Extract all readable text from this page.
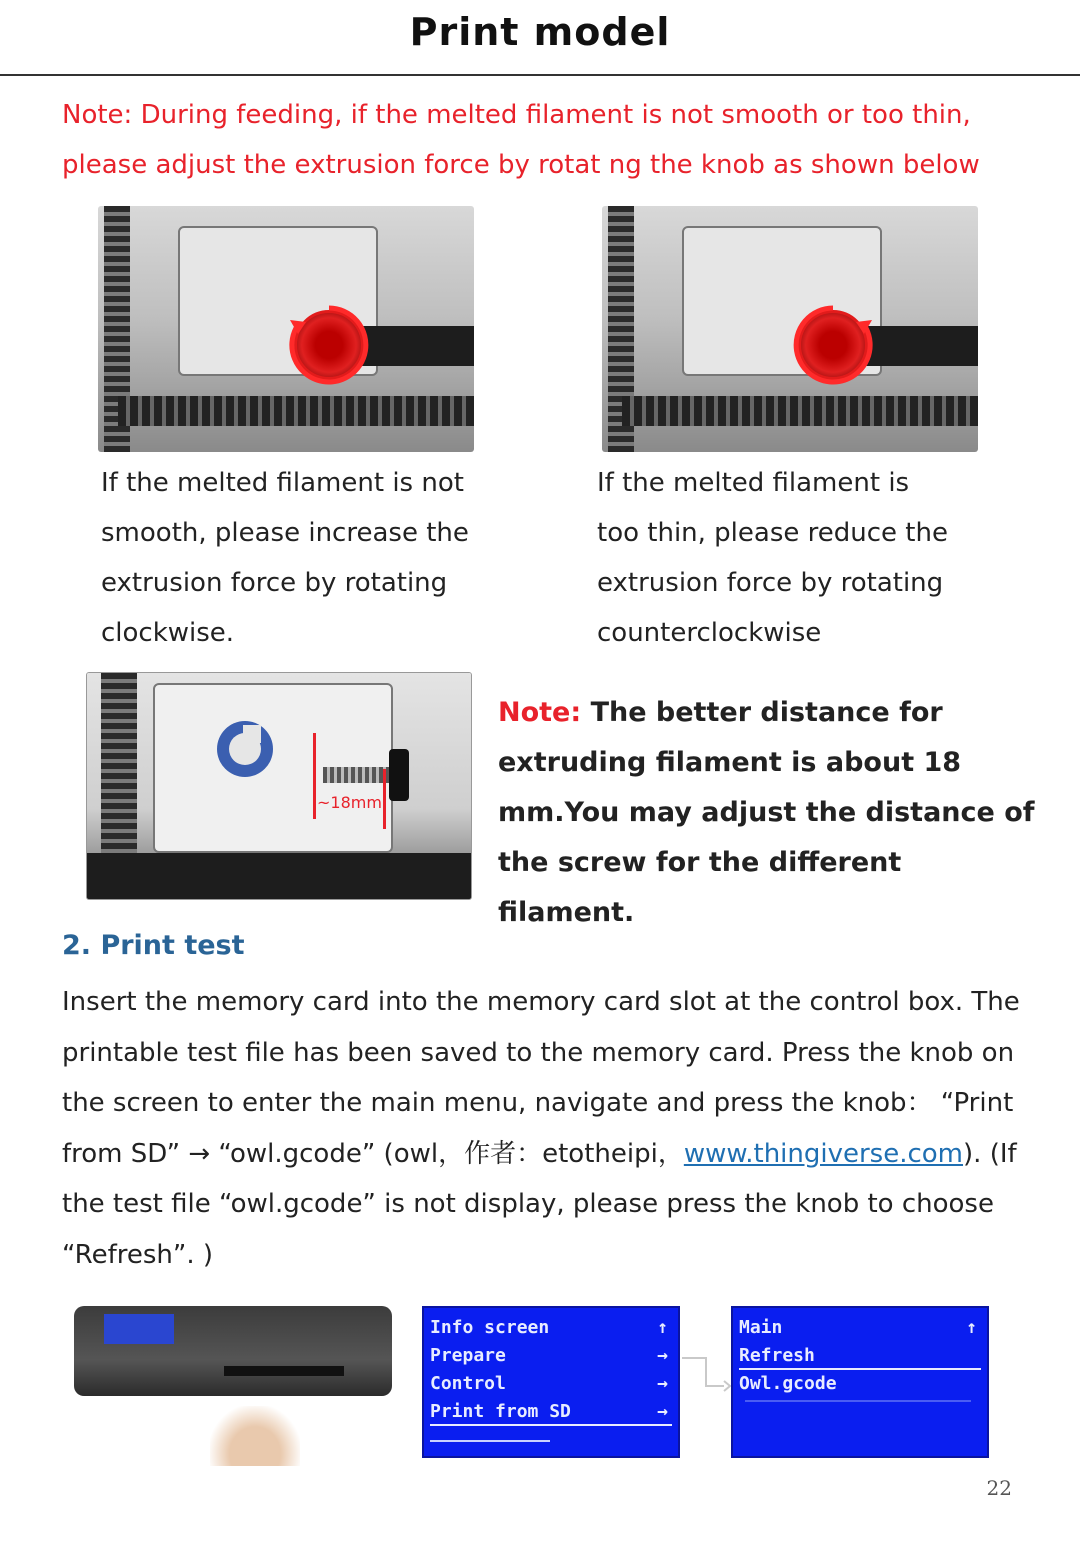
Print model
Note: During feeding, if the melted filament is not smooth or too thin, please adjust the extrusion force by rotat ng the knob as shown below
If the melted filament is not
smooth, please increase the
extrusion force by rotating
clockwise.
If the melted filament is
too thin, please reduce the
extrusion force by rotating
counterclockwise
~18mm
Note: The better distance for extruding filament is about 18 mm.You may adjust the distance of the screw for the different filament.
2. Print test
Insert the memory card into the memory card slot at the control box. The printable test file has been saved to the memory card. Press the knob on the screen to enter the main menu, navigate and press the knob： “Print from SD” → “owl.gcode” (owl，作者：etotheipi，www.thingiverse.com). (If the test file “owl.gcode” is not display, please press the knob to choose “Refresh”. )
Info screen	↑
Prepare	→
Control	→
Print from SD	→
Main	↑
Refresh
Owl.gcode
22
